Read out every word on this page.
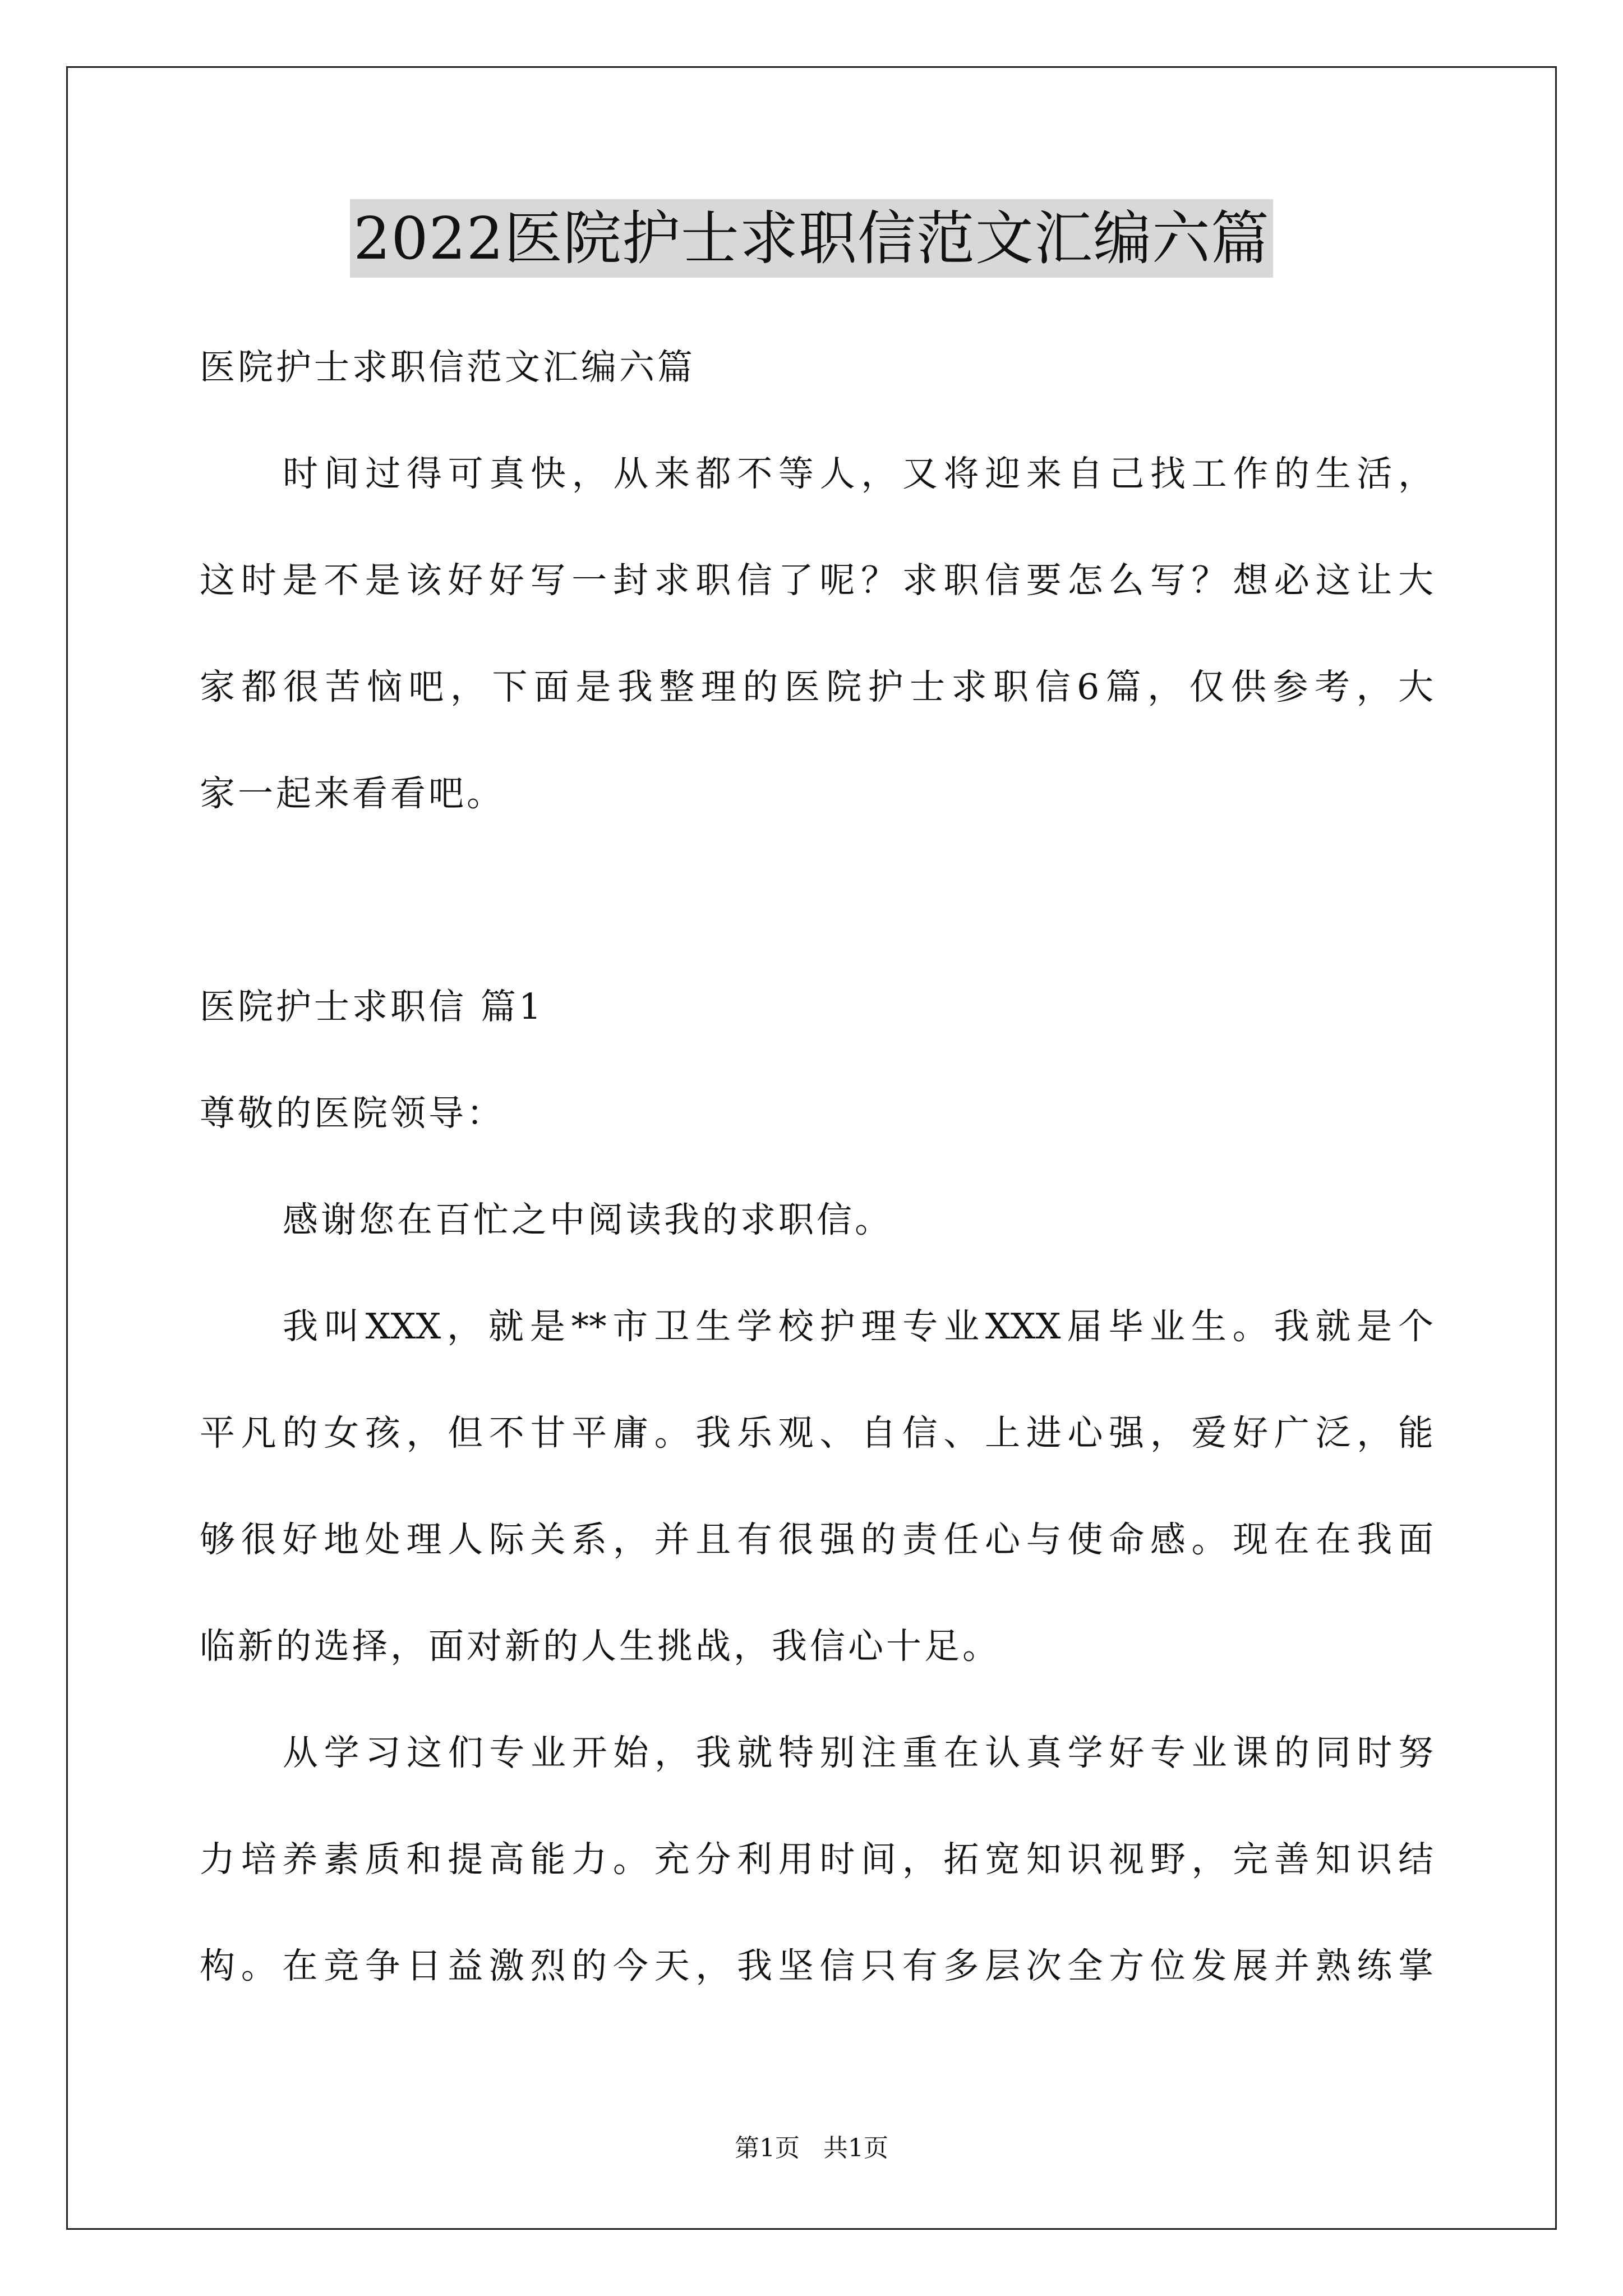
2022医院护士求职信范文汇编六篇
医院护士求职信范文汇编六篇
时间过得可真快，从来都不等人，又将迎来自己找工作的生活，
这时是不是该好好写一封求职信了呢？求职信要怎么写？想必这让大
家都很苦恼吧，下面是我整理的医院护士求职信6篇，仅供参考，大
家一起来看看吧。
医院护士求职信 篇1
尊敬的医院领导：
感谢您在百忙之中阅读我的求职信。
我叫XXX，就是**市卫生学校护理专业XXX届毕业生。我就是个
平凡的女孩，但不甘平庸。我乐观、自信、上进心强，爱好广泛，能
够很好地处理人际关系，并且有很强的责任心与使命感。现在在我面
临新的选择，面对新的人生挑战，我信心十足。
从学习这们专业开始，我就特别注重在认真学好专业课的同时努
力培养素质和提高能力。充分利用时间，拓宽知识视野，完善知识结
构。在竞争日益激烈的今天，我坚信只有多层次全方位发展并熟练掌
第1页 共1页
